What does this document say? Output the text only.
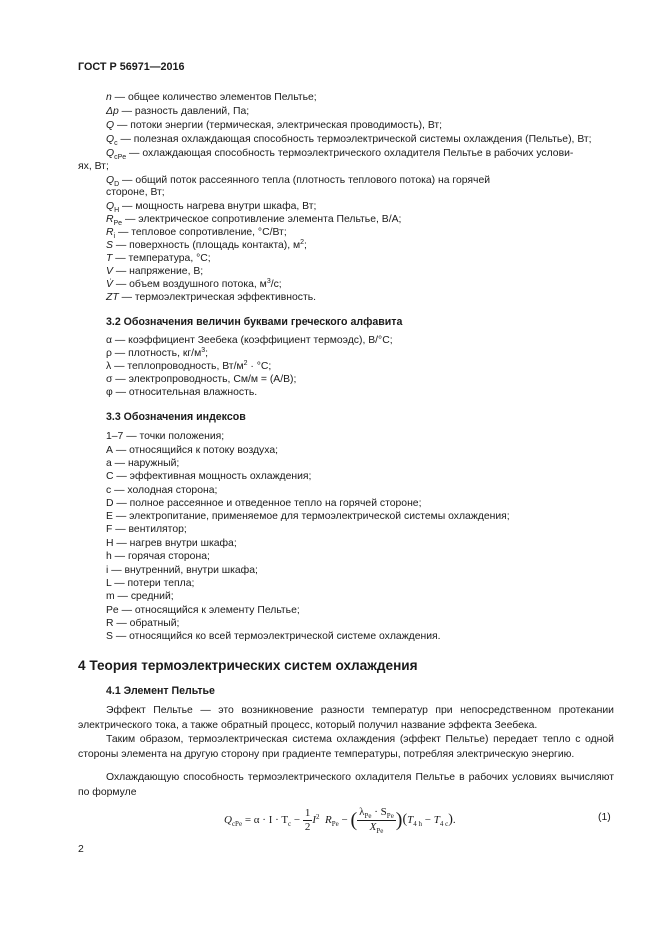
ГОСТ Р 56971—2016
n — общее количество элементов Пельтье;
Δp — разность давлений, Па;
Q — потоки энергии (термическая, электрическая проводимость), Вт;
$Q_c$ — полезная охлаждающая способность термоэлектрической системы охлаждения (Пельтье), Вт;
$Q_{cPe}$ — охлаждающая способность термоэлектрического охладителя Пельтье в рабочих услови-
ях, Вт;
$Q_D$ — общий поток рассеянного тепла (плотность теплового потока) на горячей
стороне, Вт;
$Q_H$ — мощность нагрева внутри шкафа, Вт;
$R_{Pe}$ — электрическое сопротивление элемента Пельтье, В/А;
$R_i$ — тепловое сопротивление, °С/Вт;
S — поверхность (площадь контакта), $м^2$;
T — температура, °С;
V — напряжение, В;
V̇ — объем воздушного потока, $м^3/с$;
ZT — термоэлектрическая эффективность.
3.2 Обозначения величин буквами греческого алфавита
α — коэффициент Зеебека (коэффициент термоэдс), В/°С;
ρ — плотность, $кг/м^3$;
λ — теплопроводность, $Вт/м^2 \cdot ^\circ С$;
σ — электропроводность, См/м = (А/В);
φ — относительная влажность.
3.3 Обозначения индексов
1–7 — точки положения;
А — относящийся к потоку воздуха;
а — наружный;
С — эффективная мощность охлаждения;
с — холодная сторона;
D — полное рассеянное и отведенное тепло на горячей стороне;
Е — электропитание, применяемое для термоэлектрической системы охлаждения;
F — вентилятор;
Н — нагрев внутри шкафа;
h — горячая сторона;
i — внутренний, внутри шкафа;
L — потери тепла;
m — средний;
Pe — относящийся к элементу Пельтье;
R — обратный;
S — относящийся ко всей термоэлектрической системе охлаждения.
4 Теория термоэлектрических систем охлаждения
4.1 Элемент Пельтье
Эффект Пельтье — это возникновение разности температур при непосредственном протекании электрического тока, а также обратный процесс, который получил название эффекта Зеебека.
Таким образом, термоэлектрическая система охлаждения (эффект Пельтье) передает тепло с одной стороны элемента на другую сторону при градиенте температуры, потребляя электрическую энергию.
Охлаждающую способность термоэлектрического охладителя Пельтье в рабочих условиях вычисляют по формуле
$Q_{cPe} = \alpha \cdot I \cdot T_c - \frac{1}{2} I^2$ $R_{Pe}$ − ( $\frac{\lambda_{Pe} \cdot S_{Pe}}{X_{Pe}} )(T_{4 h} - T_{4 c})$.	(1)
2
